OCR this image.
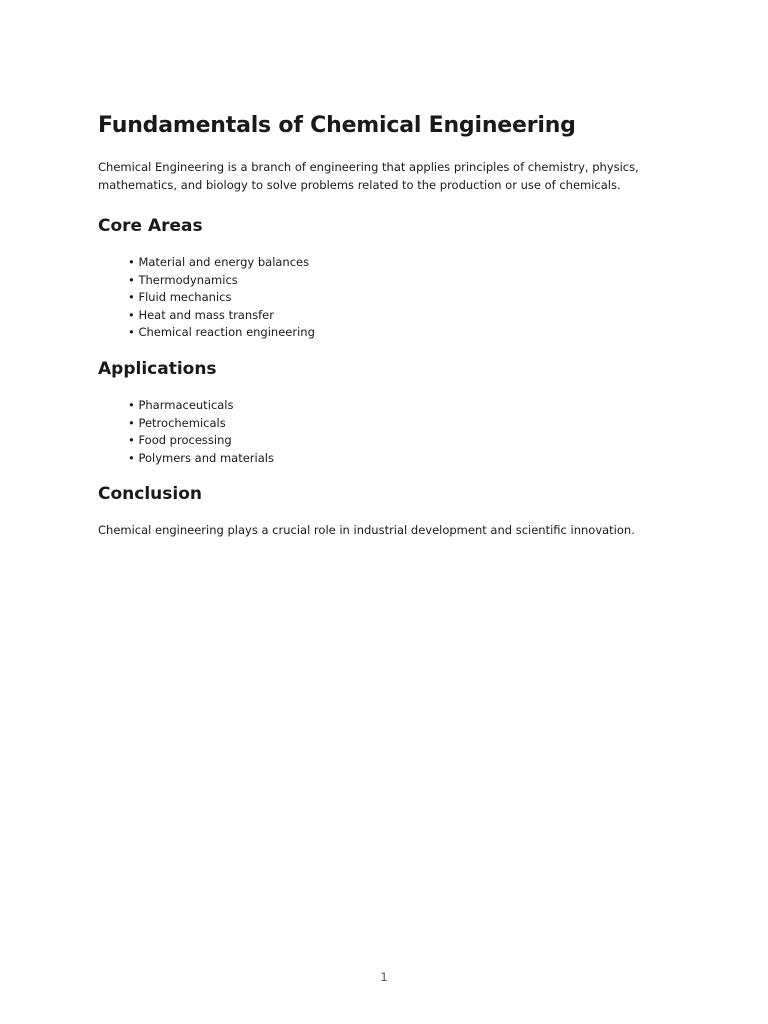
Fundamentals of Chemical Engineering

Chemical Engineering is a branch of engineering that applies principles of chemistry, physics, mathematics, and biology to solve problems related to the production or use of chemicals.

Core Areas
• Material and energy balances
• Thermodynamics
• Fluid mechanics
• Heat and mass transfer
• Chemical reaction engineering
Applications
• Pharmaceuticals
• Petrochemicals
• Food processing
• Polymers and materials
Conclusion

Chemical engineering plays a crucial role in industrial development and scientific innovation.

1
